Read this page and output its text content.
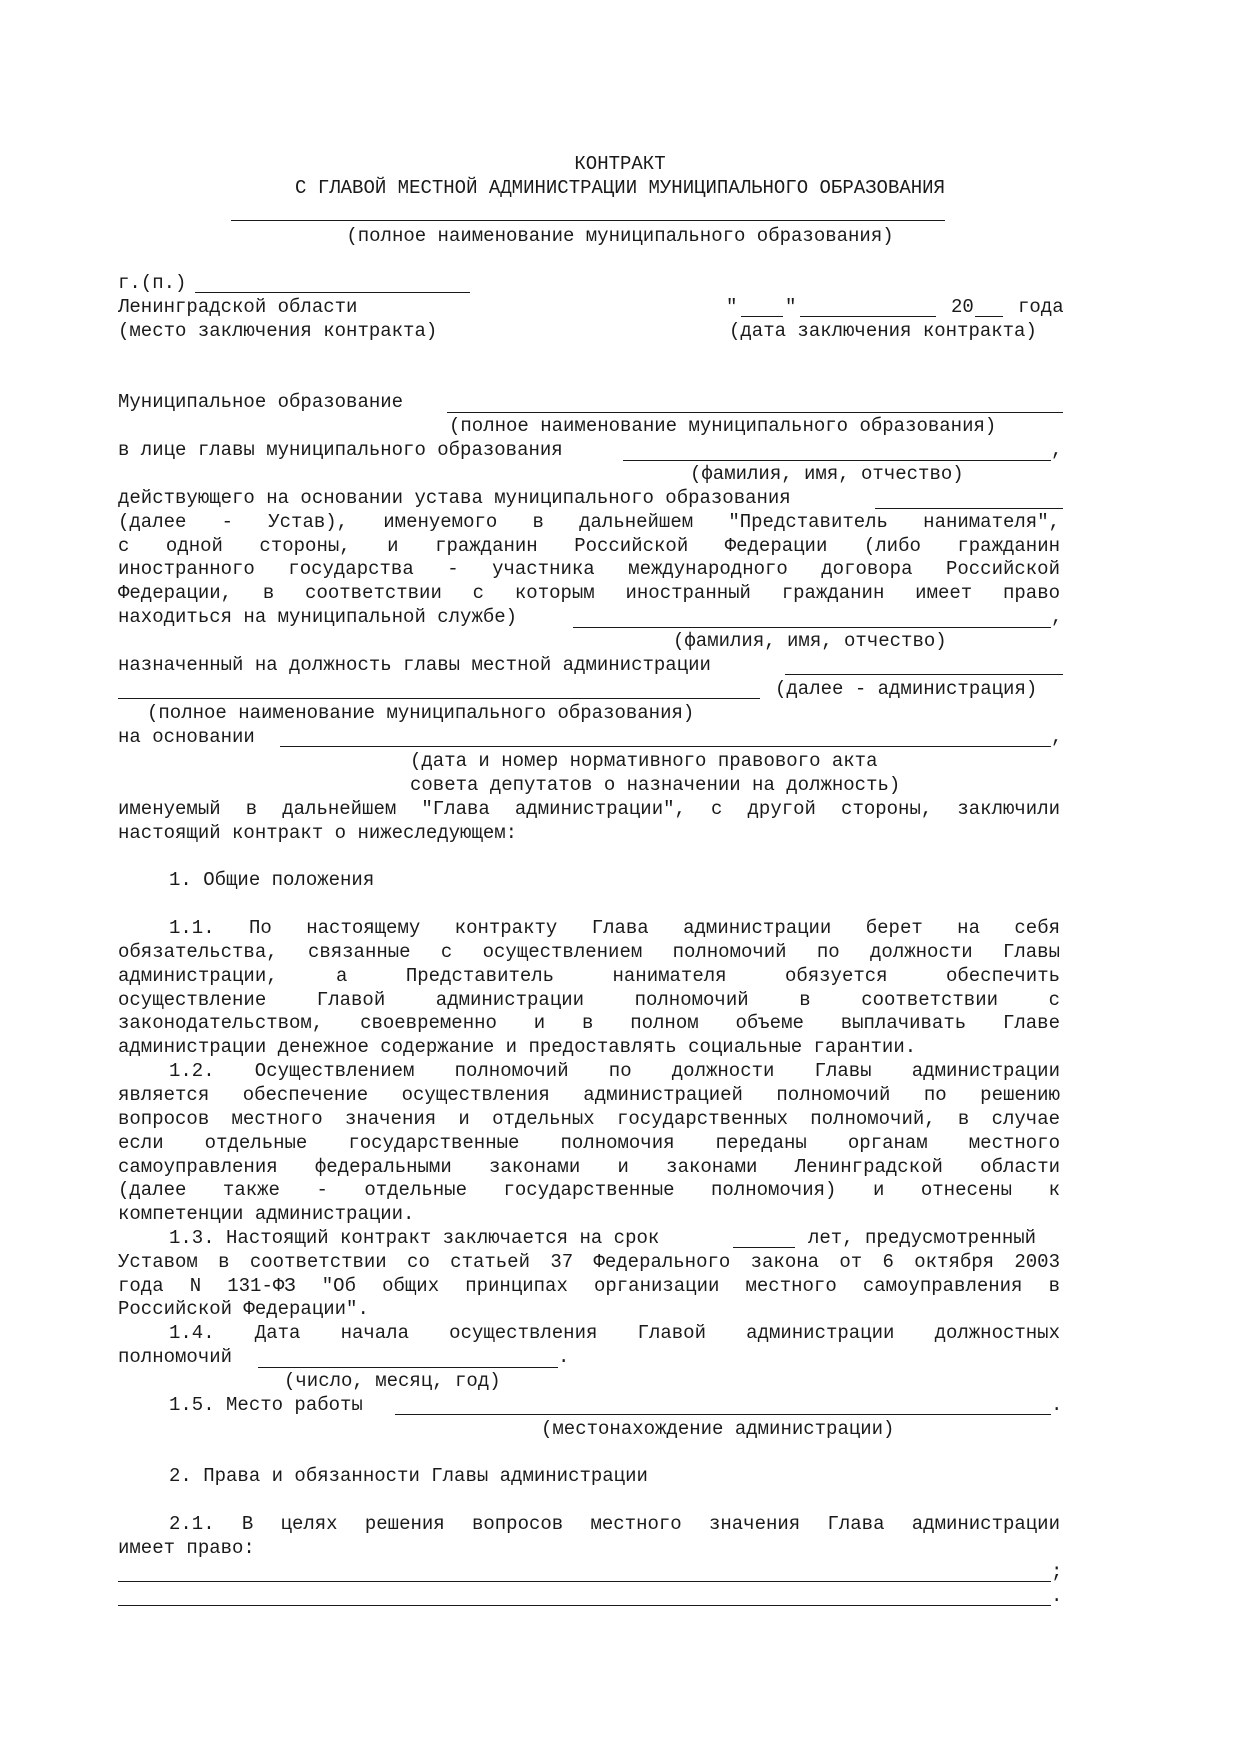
КОНТРАКТ
С ГЛАВОЙ МЕСТНОЙ АДМИНИСТРАЦИИ МУНИЦИПАЛЬНОГО ОБРАЗОВАНИЯ
(полное наименование муниципального образования)
г.(п.)
Ленинградской области
(место заключения контракта)
"	"	20 года
(дата заключения контракта)
Муниципальное образование
(полное наименование муниципального образования)
в лице главы муниципального образования	,
(фамилия, имя, отчество)
действующего на основании устава муниципального образования
(далее - Устав), именуемого в дальнейшем "Представитель нанимателя",
с одной стороны, и гражданин Российской Федерации (либо гражданин
иностранного государства - участника международного договора Российской
Федерации, в соответствии с которым иностранный гражданин имеет право
находиться на муниципальной службе)	,
(фамилия, имя, отчество)
назначенный на должность главы местной администрации
(далее - администрация)
(полное наименование муниципального образования)
на основании	,
(дата и номер нормативного правового акта
совета депутатов о назначении на должность)
именуемый в дальнейшем "Глава администрации", с другой стороны, заключили
настоящий контракт о нижеследующем:
1. Общие положения
1.1. По настоящему контракту Глава администрации берет на себя
обязательства, связанные с осуществлением полномочий по должности Главы
администрации, а Представитель нанимателя обязуется обеспечить
осуществление Главой администрации полномочий в соответствии с
законодательством, своевременно и в полном объеме выплачивать Главе
администрации денежное содержание и предоставлять социальные гарантии.
1.2. Осуществлением полномочий по должности Главы администрации
является обеспечение осуществления администрацией полномочий по решению
вопросов местного значения и отдельных государственных полномочий, в случае
если отдельные государственные полномочия переданы органам местного
самоуправления федеральными законами и законами Ленинградской области
(далее также - отдельные государственные полномочия) и отнесены к
компетенции администрации.
1.3. Настоящий контракт заключается на срок	лет, предусмотренный
Уставом в соответствии со статьей 37 Федерального закона от 6 октября 2003
года N 131-ФЗ "Об общих принципах организации местного самоуправления в
Российской Федерации".
1.4. Дата начала осуществления Главой администрации должностных
полномочий	.
(число, месяц, год)
1.5. Место работы	.
(местонахождение администрации)
2. Права и обязанности Главы администрации
2.1. В целях решения вопросов местного значения Глава администрации
имеет право:
;
.
